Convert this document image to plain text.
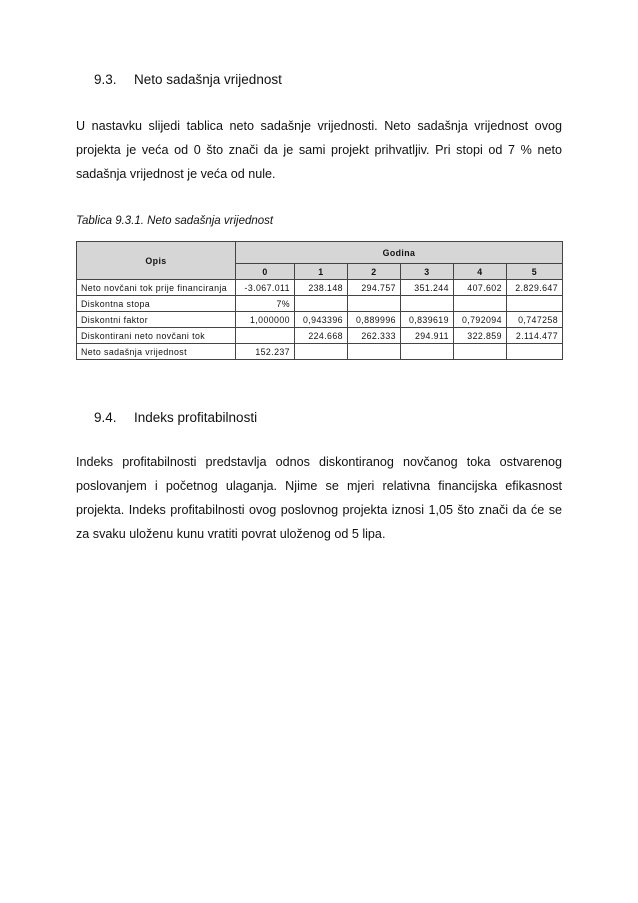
9.3.	Neto sadašnja vrijednost

U nastavku slijedi tablica neto sadašnje vrijednosti. Neto sadašnja vrijednost ovog projekta je veća od 0 što znači da je sami projekt prihvatljiv. Pri stopi od 7 % neto sadašnja vrijednost je veća od nule.

Tablica 9.3.1. Neto sadašnja vrijednost
Opis	Godina					
	0	1	2	3	4	5
Neto novčani tok prije financiranja	-3.067.011	238.148	294.757	351.244	407.602	2.829.647
Diskontna stopa	7%					
Diskontni faktor	1,000000	0,943396	0,889996	0,839619	0,792094	0,747258
Diskontirani neto novčani tok		224.668	262.333	294.911	322.859	2.114.477
Neto sadašnja vrijednost	152.237					
9.4.	Indeks profitabilnosti

Indeks profitabilnosti predstavlja odnos diskontiranog novčanog toka ostvarenog poslovanjem i početnog ulaganja. Njime se mjeri relativna financijska efikasnost projekta. Indeks profitabilnosti ovog poslovnog projekta iznosi 1,05 što znači da će se za svaku uloženu kunu vratiti povrat uloženog od 5 lipa.
